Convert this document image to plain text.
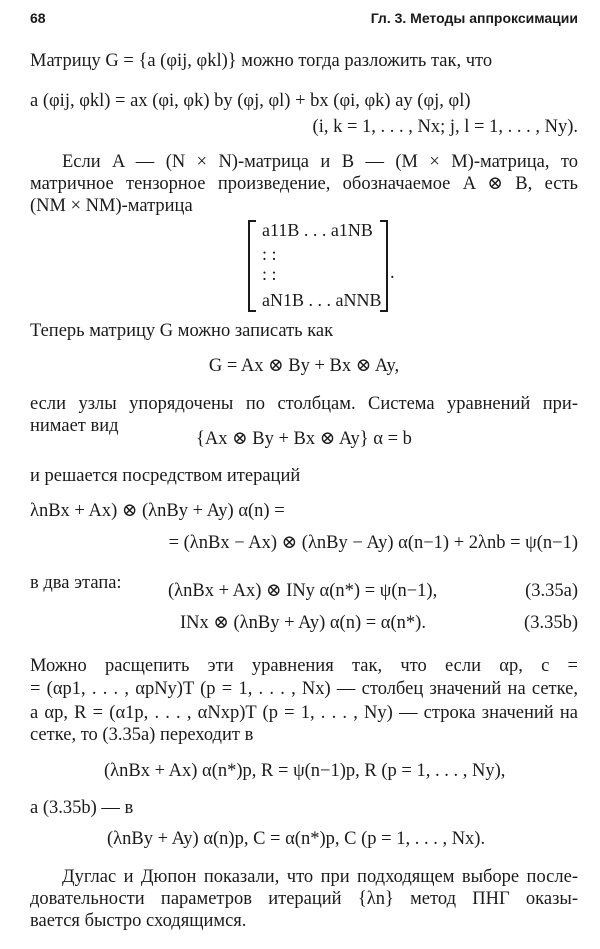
68	Гл. 3. Методы аппроксимации
Матрицу G = {a (φij, φkl)} можно тогда разложить так, что
a (φij, φkl) = ax (φi, φk) by (φj, φl) + bx (φi, φk) ay (φj, φl)
(i, k = 1, . . . , Nx; j, l = 1, . . . , Ny).
Если A — (N × N)-матрица и B — (M × M)-матрица, то
матричное тензорное произведение, обозначаемое A ⊗ B, есть
(NM × NM)-матрица
a11B . . . a1NB
: :
: :
aN1B . . . aNNB
.
Теперь матрицу G можно записать как
G = Ax ⊗ By + Bx ⊗ Ay,
если узлы упорядочены по столбцам. Система уравнений при-
нимает вид
{Ax ⊗ By + Bx ⊗ Ay} α = b
и решается посредством итераций
λnBx + Ax) ⊗ (λnBy + Ay) α(n) =
= (λnBx − Ax) ⊗ (λnBy − Ay) α(n−1) + 2λnb = ψ(n−1)
в два этапа:	(λnBx + Ax) ⊗ INy α(n*) = ψ(n−1),	(3.35a)
INx ⊗ (λnBy + Ay) α(n) = α(n*).	(3.35b)
Можно расщепить эти уравнения так, что если αp, c =
= (αp1, . . . , αpNy)T (p = 1, . . . , Nx) — столбец значений на сетке,
а αp, R = (α1p, . . . , αNxp)T (p = 1, . . . , Ny) — строка значений на
сетке, то (3.35а) переходит в
(λnBx + Ax) α(n*)p, R = ψ(n−1)p, R (p = 1, . . . , Ny),
а (3.35b) — в
(λnBy + Ay) α(n)p, C = α(n*)p, C (p = 1, . . . , Nx).
Дуглас и Дюпон показали, что при подходящем выборе после-
довательности параметров итераций {λn} метод ПНГ оказы-
вается быстро сходящимся.
